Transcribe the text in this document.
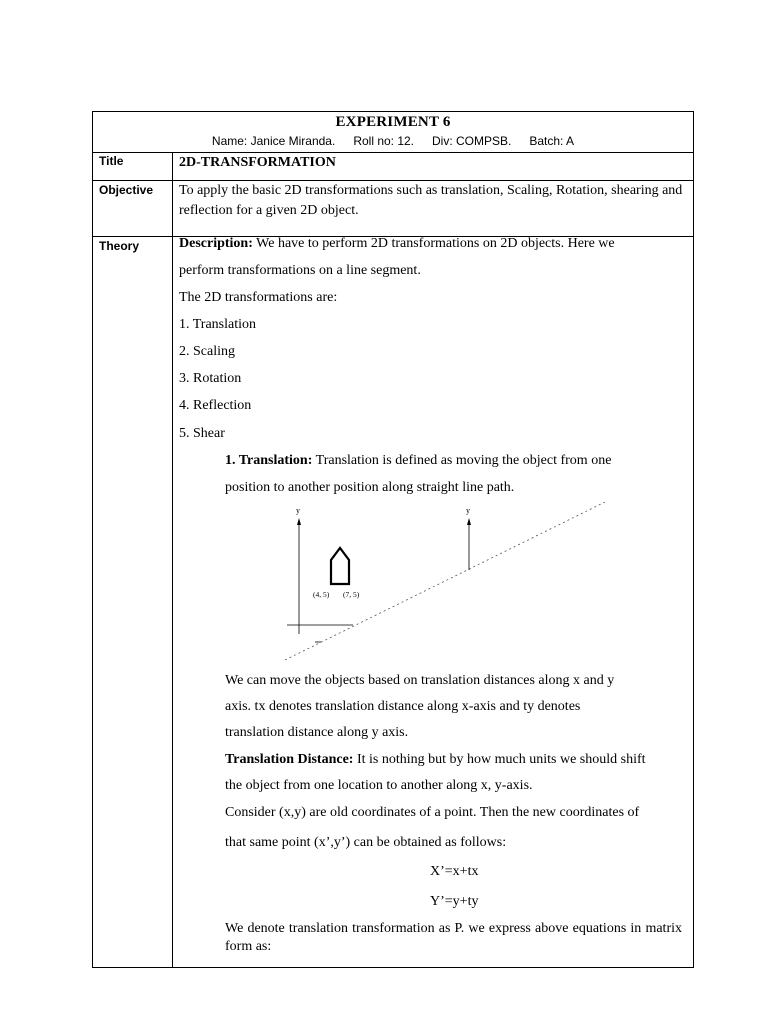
EXPERIMENT 6
Name: Janice Miranda. Roll no: 12. Div: COMPSB. Batch: A
Title	2D-TRANSFORMATION
Objective To apply the basic 2D transformations such as translation, Scaling, Rotation, shearing and reflection for a given 2D object.
Theory	Description: We have to perform 2D transformations on 2D objects. Here we
perform transformations on a line segment.
The 2D transformations are:
1. Translation
2. Scaling
3. Rotation
4. Reflection
5. Shear
1. Translation: Translation is defined as moving the object from one
position to another position along straight line path.
y	y
(4, 5) (7, 5)
We can move the objects based on translation distances along x and y
axis. tx denotes translation distance along x-axis and ty denotes
translation distance along y axis.
Translation Distance: It is nothing but by how much units we should shift
the object from one location to another along x, y-axis.
Consider (x,y) are old coordinates of a point. Then the new coordinates of
that same point (x’,y’) can be obtained as follows:
X’=x+tx
Y’=y+ty
We denote translation transformation as P. we express above equations in matrix form as:
